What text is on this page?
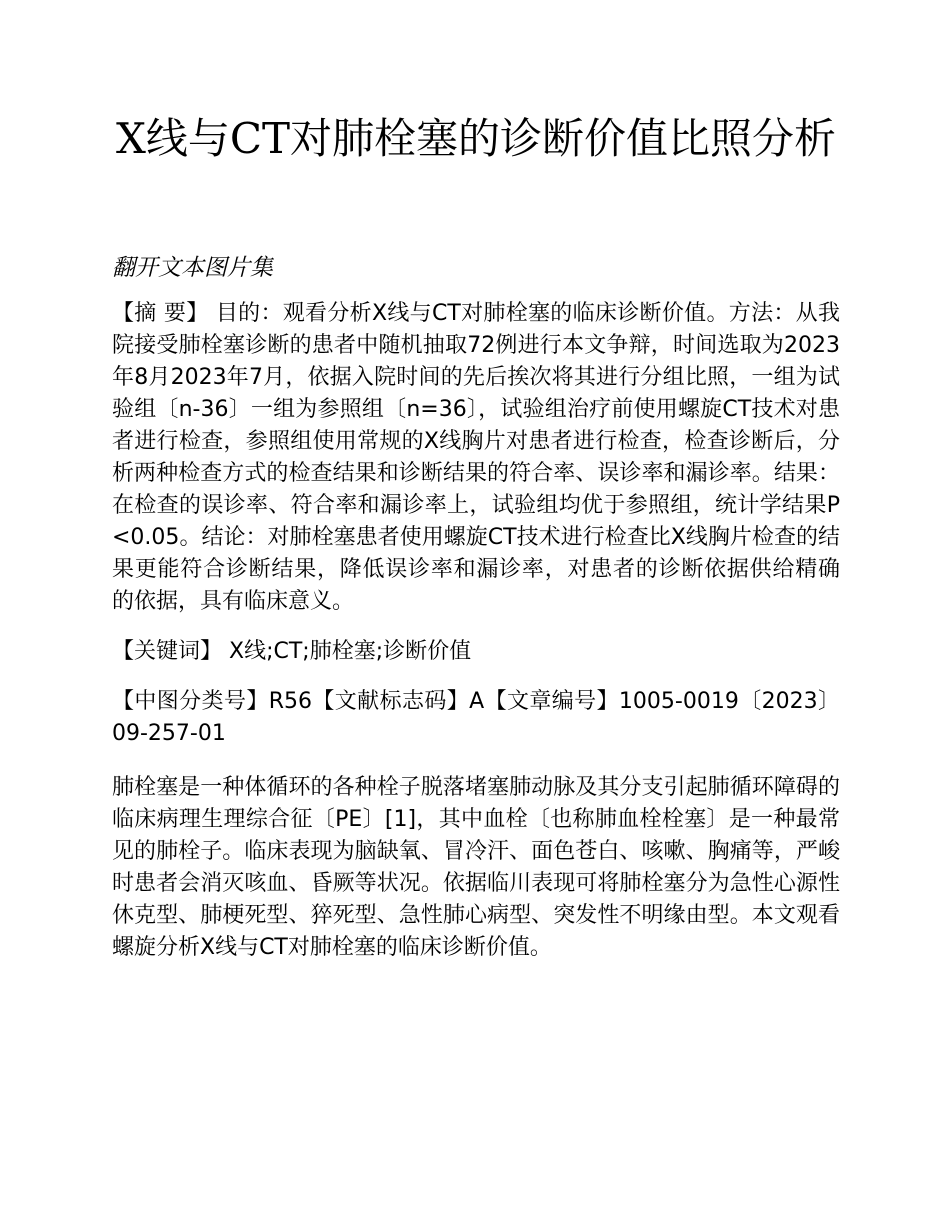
X线与CT对肺栓塞的诊断价值比照分析
翻开文本图片集

【摘 要】 目的：观看分析X线与CT对肺栓塞的临床诊断价值。方法：从我院接受肺栓塞诊断的患者中随机抽取72例进行本文争辩，时间选取为2023年8月2023年7月，依据入院时间的先后挨次将其进行分组比照，一组为试验组〔n-36〕一组为参照组〔n=36〕，试验组治疗前使用螺旋CT技术对患者进行检查，参照组使用常规的X线胸片对患者进行检查，检查诊断后，分析两种检查方式的检查结果和诊断结果的符合率、误诊率和漏诊率。结果：在检查的误诊率、符合率和漏诊率上，试验组均优于参照组，统计学结果P<0.05。结论：对肺栓塞患者使用螺旋CT技术进行检查比X线胸片检查的结果更能符合诊断结果，降低误诊率和漏诊率，对患者的诊断依据供给精确　　的依据，具有临床意义。

【关键词】 X线;CT;肺栓塞;诊断价值

【中图分类号】R56【文献标志码】A【文章编号】1005-0019〔2023〕09-257-01

肺栓塞是一种体循环的各种栓子脱落堵塞肺动脉及其分支引起肺循环障碍的临床病理生理综合征〔PE〕[1]，其中血栓〔也称肺血栓栓塞〕是一种最常见的肺栓子。临床表现为脑缺氧、冒冷汗、面色苍白、咳嗽、胸痛等，严峻时患者会消灭咳血、昏厥等状况。依据临川表现可将肺栓塞分为急性心源性休克型、肺梗死型、猝死型、急性肺心病型、突发性不明缘由型。本文观看螺旋分析X线与CT对肺栓塞的临床诊断价值。
